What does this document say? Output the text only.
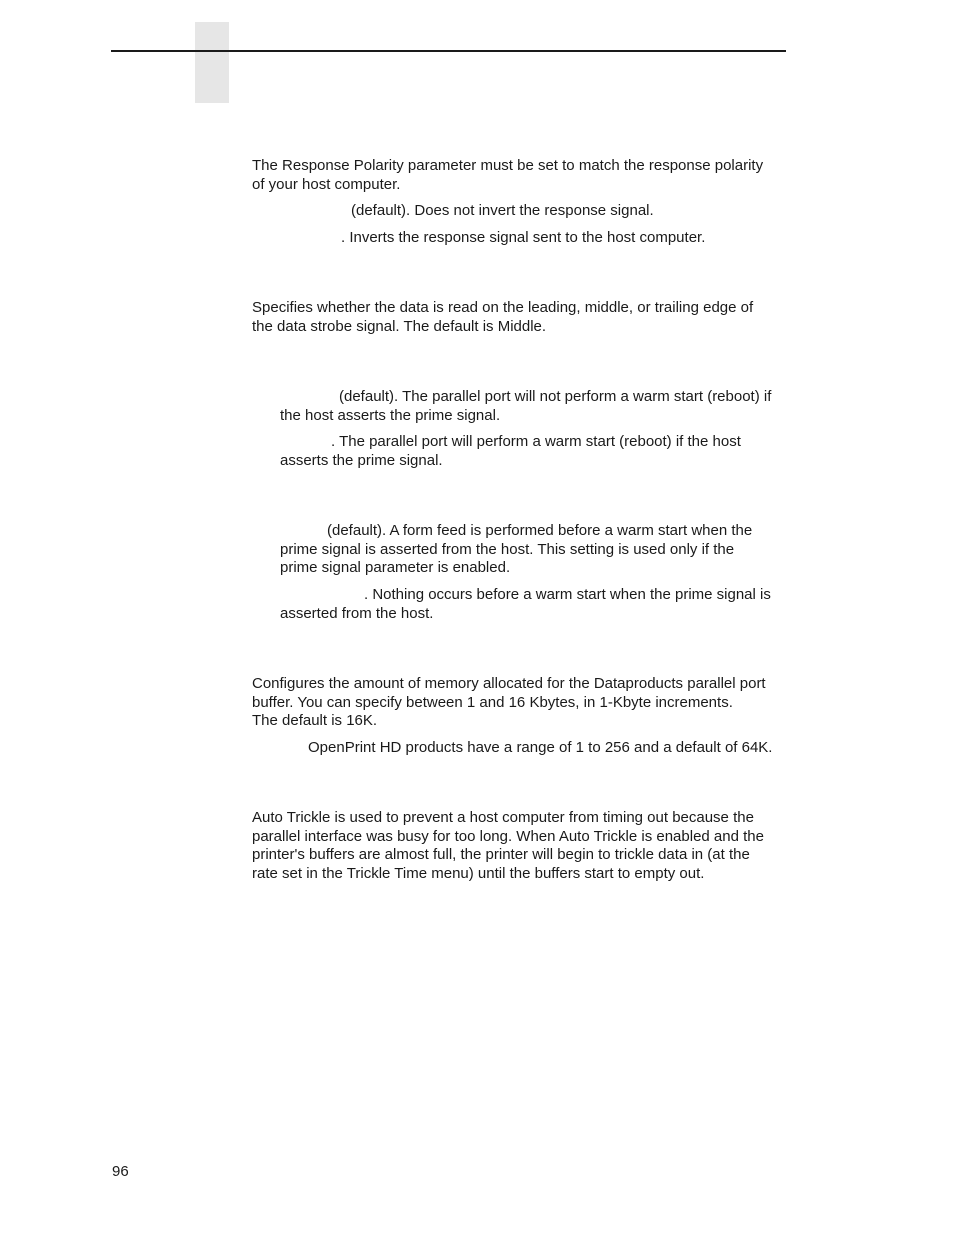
The Response Polarity parameter must be set to match the response polarity
of your host computer.

(default). Does not invert the response signal.

. Inverts the response signal sent to the host computer.

Specifies whether the data is read on the leading, middle, or trailing edge of
the data strobe signal. The default is Middle.

(default). The parallel port will not perform a warm start (reboot) if
the host asserts the prime signal.

. The parallel port will perform a warm start (reboot) if the host
asserts the prime signal.

(default). A form feed is performed before a warm start when the
prime signal is asserted from the host. This setting is used only if the
prime signal parameter is enabled.

. Nothing occurs before a warm start when the prime signal is
asserted from the host.

Configures the amount of memory allocated for the Dataproducts parallel port
buffer. You can specify between 1 and 16 Kbytes, in 1-Kbyte increments.
The default is 16K.

OpenPrint HD products have a range of 1 to 256 and a default of 64K.

Auto Trickle is used to prevent a host computer from timing out because the
parallel interface was busy for too long. When Auto Trickle is enabled and the
printer's buffers are almost full, the printer will begin to trickle data in (at the
rate set in the Trickle Time menu) until the buffers start to empty out.

96
